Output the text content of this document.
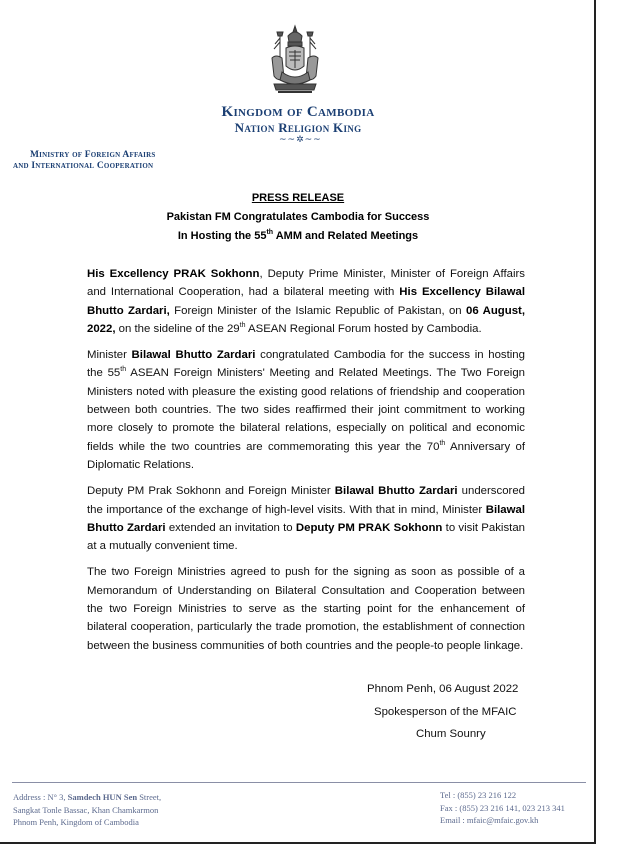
Kingdom of Cambodia
Nation Religion King
~~✲~~
Ministry of Foreign Affairs
and International Cooperation
PRESS RELEASE
Pakistan FM Congratulates Cambodia for Success
In Hosting the 55th AMM and Related Meetings

His Excellency PRAK Sokhonn, Deputy Prime Minister, Minister of Foreign Affairs and International Cooperation, had a bilateral meeting with His Excellency Bilawal Bhutto Zardari, Foreign Minister of the Islamic Republic of Pakistan, on 06 August, 2022, on the sideline of the 29th ASEAN Regional Forum hosted by Cambodia.

Minister Bilawal Bhutto Zardari congratulated Cambodia for the success in hosting the 55th ASEAN Foreign Ministers' Meeting and Related Meetings. The Two Foreign Ministers noted with pleasure the existing good relations of friendship and cooperation between both countries. The two sides reaffirmed their joint commitment to working more closely to promote the bilateral relations, especially on political and economic fields while the two countries are commemorating this year the 70th Anniversary of Diplomatic Relations.

Deputy PM Prak Sokhonn and Foreign Minister Bilawal Bhutto Zardari underscored the importance of the exchange of high-level visits. With that in mind, Minister Bilawal Bhutto Zardari extended an invitation to Deputy PM PRAK Sokhonn to visit Pakistan at a mutually convenient time.

The two Foreign Ministries agreed to push for the signing as soon as possible of a Memorandum of Understanding on Bilateral Consultation and Cooperation between the two Foreign Ministries to serve as the starting point for the enhancement of bilateral cooperation, particularly the trade promotion, the establishment of connection between the business communities of both countries and the people-to people linkage.

Phnom Penh, 06 August 2022
Spokesperson of the MFAIC
Chum Sounry
Address : N° 3, Samdech HUN Sen Street,
Sangkat Tonle Bassac, Khan Chamkarmon
Phnom Penh, Kingdom of Cambodia
Tel : (855) 23 216 122
Fax : (855) 23 216 141, 023 213 341
Email : mfaic@mfaic.gov.kh
